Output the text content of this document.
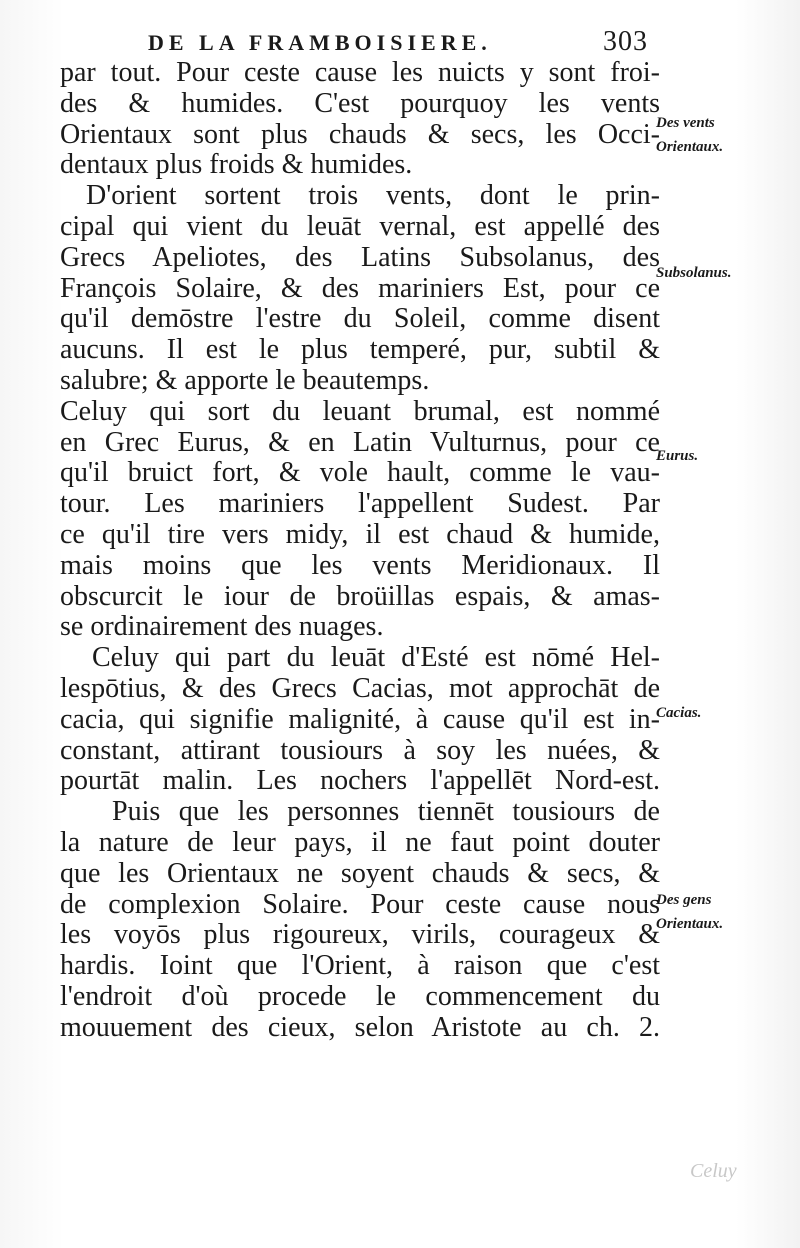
DE LA FRAMBOISIERE.	303
par tout. Pour ceste cause les nuicts y sont froi-
des & humides. C'est pourquoy les vents
Orientaux sont plus chauds & secs, les Occi-
dentaux plus froids & humides.
D'orient sortent trois vents, dont le prin-
cipal qui vient du leuāt vernal, est appellé des
Grecs Apeliotes, des Latins Subsolanus, des
François Solaire, & des mariniers Est, pour ce
qu'il demōstre l'estre du Soleil, comme disent
aucuns. Il est le plus temperé, pur, subtil &
salubre; & apporte le beautemps.
Celuy qui sort du leuant brumal, est nommé
en Grec Eurus, & en Latin Vulturnus, pour ce
qu'il bruict fort, & vole hault, comme le vau-
tour. Les mariniers l'appellent Sudest. Par
ce qu'il tire vers midy, il est chaud & humide,
mais moins que les vents Meridionaux. Il
obscurcit le iour de broüillas espais, & amas-
se ordinairement des nuages.
Celuy qui part du leuāt d'Esté est nōmé Hel-
lespōtius, & des Grecs Cacias, mot approchāt de
cacia, qui signifie malignité, à cause qu'il est in-
constant, attirant tousiours à soy les nuées, &
pourtāt malin. Les nochers l'appellēt Nord-est.
Puis que les personnes tiennēt tousiours de
la nature de leur pays, il ne faut point douter
que les Orientaux ne soyent chauds & secs, &
de complexion Solaire. Pour ceste cause nous
les voyōs plus rigoureux, virils, courageux &
hardis. Ioint que l'Orient, à raison que c'est
l'endroit d'où procede le commencement du
mouuement des cieux, selon Aristote au ch. 2.
Des vents
Orientaux.
Subsolanus.
Eurus.
Cacias.
Des gens
Orientaux.
Celuy
